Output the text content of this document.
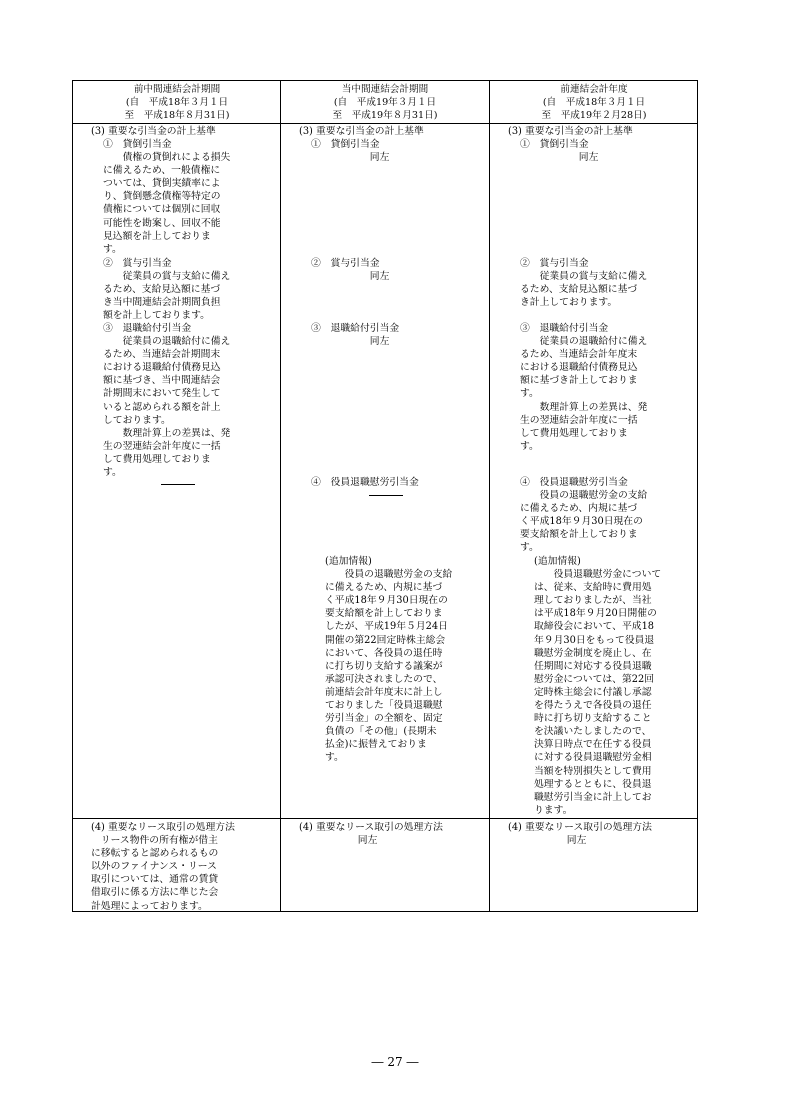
前中間連結会計期間
(自　平成18年３月１日
至　平成18年８月31日)
当中間連結会計期間
(自　平成19年３月１日
至　平成19年８月31日)
前連結会計年度
(自　平成18年３月１日
至　平成19年２月28日)
(3) 重要な引当金の計上基準
①　貸倒引当金
　　債権の貸倒れによる損失
に備えるため、一般債権に
ついては、貸倒実績率によ
り、貸倒懸念債権等特定の
債権については個別に回収
可能性を勘案し、回収不能
見込額を計上しておりま
す。
②　賞与引当金
　　従業員の賞与支給に備え
るため、支給見込額に基づ
き当中間連結会計期間負担
額を計上しております。
③　退職給付引当金
　　従業員の退職給付に備え
るため、当連結会計期間末
における退職給付債務見込
額に基づき、当中間連結会
計期間末において発生して
いると認められる額を計上
しております。
　　数理計算上の差異は、発
生の翌連結会計年度に一括
して費用処理しておりま
す。
(4) 重要なリース取引の処理方法
　リース物件の所有権が借主
に移転すると認められるもの
以外のファイナンス・リース
取引については、通常の賃貸
借取引に係る方法に準じた会
計処理によっております。
(3) 重要な引当金の計上基準
①　貸倒引当金
　　　　　　同左
②　賞与引当金
　　　　　　同左
③　退職給付引当金
　　　　　　同左
④　役員退職慰労引当金
(追加情報)
　　役員の退職慰労金の支給
に備えるため、内規に基づ
く平成18年９月30日現在の
要支給額を計上しておりま
したが、平成19年５月24日
開催の第22回定時株主総会
において、各役員の退任時
に打ち切り支給する議案が
承認可決されましたので、
前連結会計年度末に計上し
ておりました「役員退職慰
労引当金」の全額を、固定
負債の「その他」(長期未
払金)に振替えておりま
す。
(4) 重要なリース取引の処理方法
　　　　　　同左
(3) 重要な引当金の計上基準
①　貸倒引当金
　　　　　　同左
②　賞与引当金
　　従業員の賞与支給に備え
るため、支給見込額に基づ
き計上しております。
③　退職給付引当金
　　従業員の退職給付に備え
るため、当連結会計年度末
における退職給付債務見込
額に基づき計上しておりま
す。
　　数理計算上の差異は、発
生の翌連結会計年度に一括
して費用処理しておりま
す。
④　役員退職慰労引当金
　　役員の退職慰労金の支給
に備えるため、内規に基づ
く平成18年９月30日現在の
要支給額を計上しておりま
す。
(追加情報)
　　役員退職慰労金について
は、従来、支給時に費用処
理しておりましたが、当社
は平成18年９月20日開催の
取締役会において、平成18
年９月30日をもって役員退
職慰労金制度を廃止し、在
任期間に対応する役員退職
慰労金については、第22回
定時株主総会に付議し承認
を得たうえで各役員の退任
時に打ち切り支給すること
を決議いたしましたので、
決算日時点で在任する役員
に対する役員退職慰労金相
当額を特別損失として費用
処理するとともに、役員退
職慰労引当金に計上してお
ります。
(4) 重要なリース取引の処理方法
　　　　　　同左
― 27 ―
